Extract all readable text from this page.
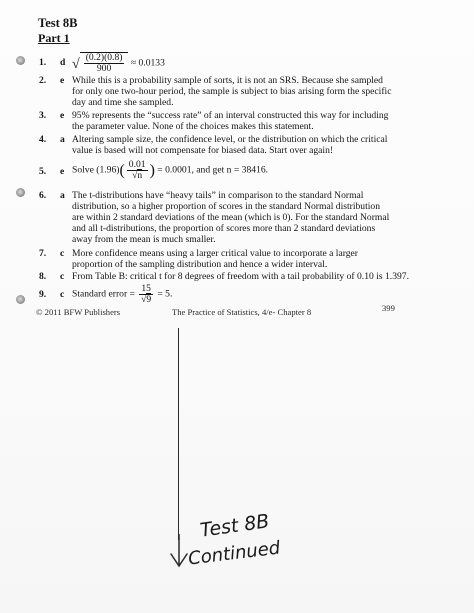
Test 8B
Part 1
1. d √ $\frac{(0.2)(0.8)}{900} \approx 0.0133$
2. e While this is a probability sample of sorts, it is not an SRS. Because she sampled for only one two-hour period, the sample is subject to bias arising form the specific day and time she sampled.
3. e 95% represents the “success rate” of an interval constructed this way for including the parameter value. None of the choices makes this statement.
4. a Altering sample size, the confidence level, or the distribution on which the critical value is based will not compensate for biased data. Start over again!
5. e Solve $(1.96)( \frac{0.01}{√n}$ ) = 0.0001, and get n = 38416.
6. a The t-distributions have “heavy tails” in comparison to the standard Normal distribution, so a higher proportion of scores in the standard Normal distribution are within 2 standard deviations of the mean (which is 0). For the standard Normal and all t-distributions, the proportion of scores more than 2 standard deviations away from the mean is much smaller.
7. c More confidence means using a larger critical value to incorporate a larger proportion of the sampling distribution and hence a wider interval.
8. c From Table B: critical t for 8 degrees of freedom with a tail probability of 0.10 is 1.397.
9. c Standard error = $\frac{15}{√9} = 5$.
© 2011 BFW Publishers	The Practice of Statistics, 4/e- Chapter 8	399
Test 8B
Continued
